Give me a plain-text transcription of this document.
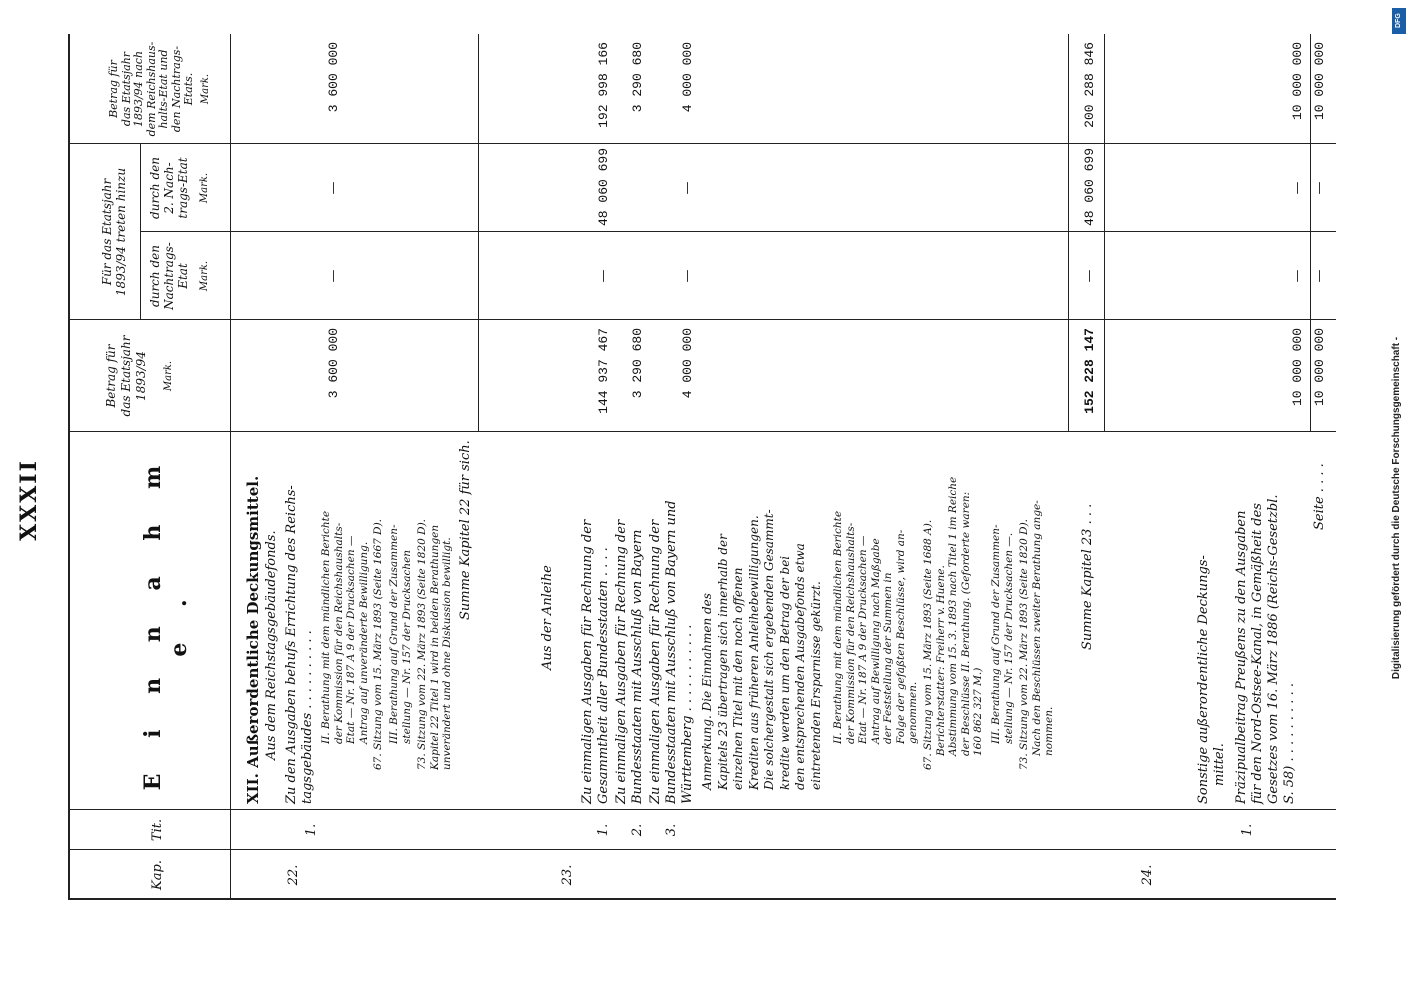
XXXII
Kap.
Tit.
E i n n a h m e .
Betrag für das Etatsjahr 1893/94 Mark.
Für das Etatsjahr 1893/94 treten hinzu durch den Nachtrags- Etat Mark.
durch den 2. Nach- trags-Etat Mark.
Betrag für das Etatsjahr 1893/94 nach dem Reichshaus- halts-Etat und den Nachtrags- Etats. Mark.
XII. Außerordentliche Deckungsmittel.
22.
Aus dem Reichstagsgebäudefonds.
1.
Zu den Ausgaben behufs Errichtung des Reichs- tagsgebäudes . . . . . . . . . . II. Berathung mit dem mündlichen Berichte der Kommission für den Reichshaushalts- Etat — Nr. 187 A 9 der Drucksachen — Antrag auf unveränderte Bewilligung. 67. Sitzung vom 15. März 1893 (Seite 1667 D). III. Berathung auf Grund der Zusammen- stellung — Nr. 157 der Drucksachen 73. Sitzung vom 22. März 1893 (Seite 1820 D). Kapitel 22 Titel 1 wird in beiden Berathungen unverändert und ohne Diskussion bewilligt.
Summe Kapitel 22 für sich.
3 600 000
—
—
3 600 000
23.
Aus der Anleihe
1.
Zu einmaligen Ausgaben für Rechnung der Gesammtheit aller Bundesstaaten . . . .
2.
Zu einmaligen Ausgaben für Rechnung der Bundesstaaten mit Ausschluß von Bayern
3.
Zu einmaligen Ausgaben für Rechnung der Bundesstaaten mit Ausschluß von Bayern und Württemberg . . . . . . . . . . . Anmerkung. Die Einnahmen des Kapitels 23 übertragen sich innerhalb der einzelnen Titel mit den noch offenen Krediten aus früheren Anleihebewilligungen. Die solchergestalt sich ergebenden Gesammt- kredite werden um den Betrag der bei den entsprechenden Ausgabefonds etwa eintretenden Ersparnisse gekürzt. II. Berathung mit dem mündlichen Berichte der Kommission für den Reichshaushalts- Etat — Nr. 187 A 9 der Drucksachen — Antrag auf Bewilligung nach Maßgabe der Feststellung der Summen in Folge der gefaßten Beschlüsse, wird an- genommen. 67. Sitzung vom 15. März 1893 (Seite 1688 A). Berichterstatter: Freiherr v. Huene. Abstimmung vom 15. 3. 1893 nach Titel 1 im Reiche der Beschlüsse II. Berathung. (Geforderte waren: 160 862 327 M.) III. Berathung auf Grund der Zusammen- stellung — Nr. 157 der Drucksachen —. 73. Sitzung vom 22. März 1893 (Seite 1820 D). Nach den Beschlüssen zweiter Berathung ange- nommen.
Summe Kapitel 23 . . .
144 937 467
—
48 060 699
192 998 166
3 290 680
3 290 680
4 000 000
—
—
4 000 000
152 228 147
—
48 060 699
200 288 846
24.
Sonstige außerordentliche Deckungs- mittel.
1.
Präzipualbeitrag Preußens zu den Ausgaben für den Nord-Ostsee-Kanal, in Gemäßheit des Gesetzes vom 16. März 1886 (Reichs-Gesetzbl. S. 58) . . . . . . . . . .
10 000 000
—
—
10 000 000
Seite . . . .
10 000 000
—
—
10 000 000
Digitalisierung gefördert durch die Deutsche Forschungsgemeinschaft -
DFG
